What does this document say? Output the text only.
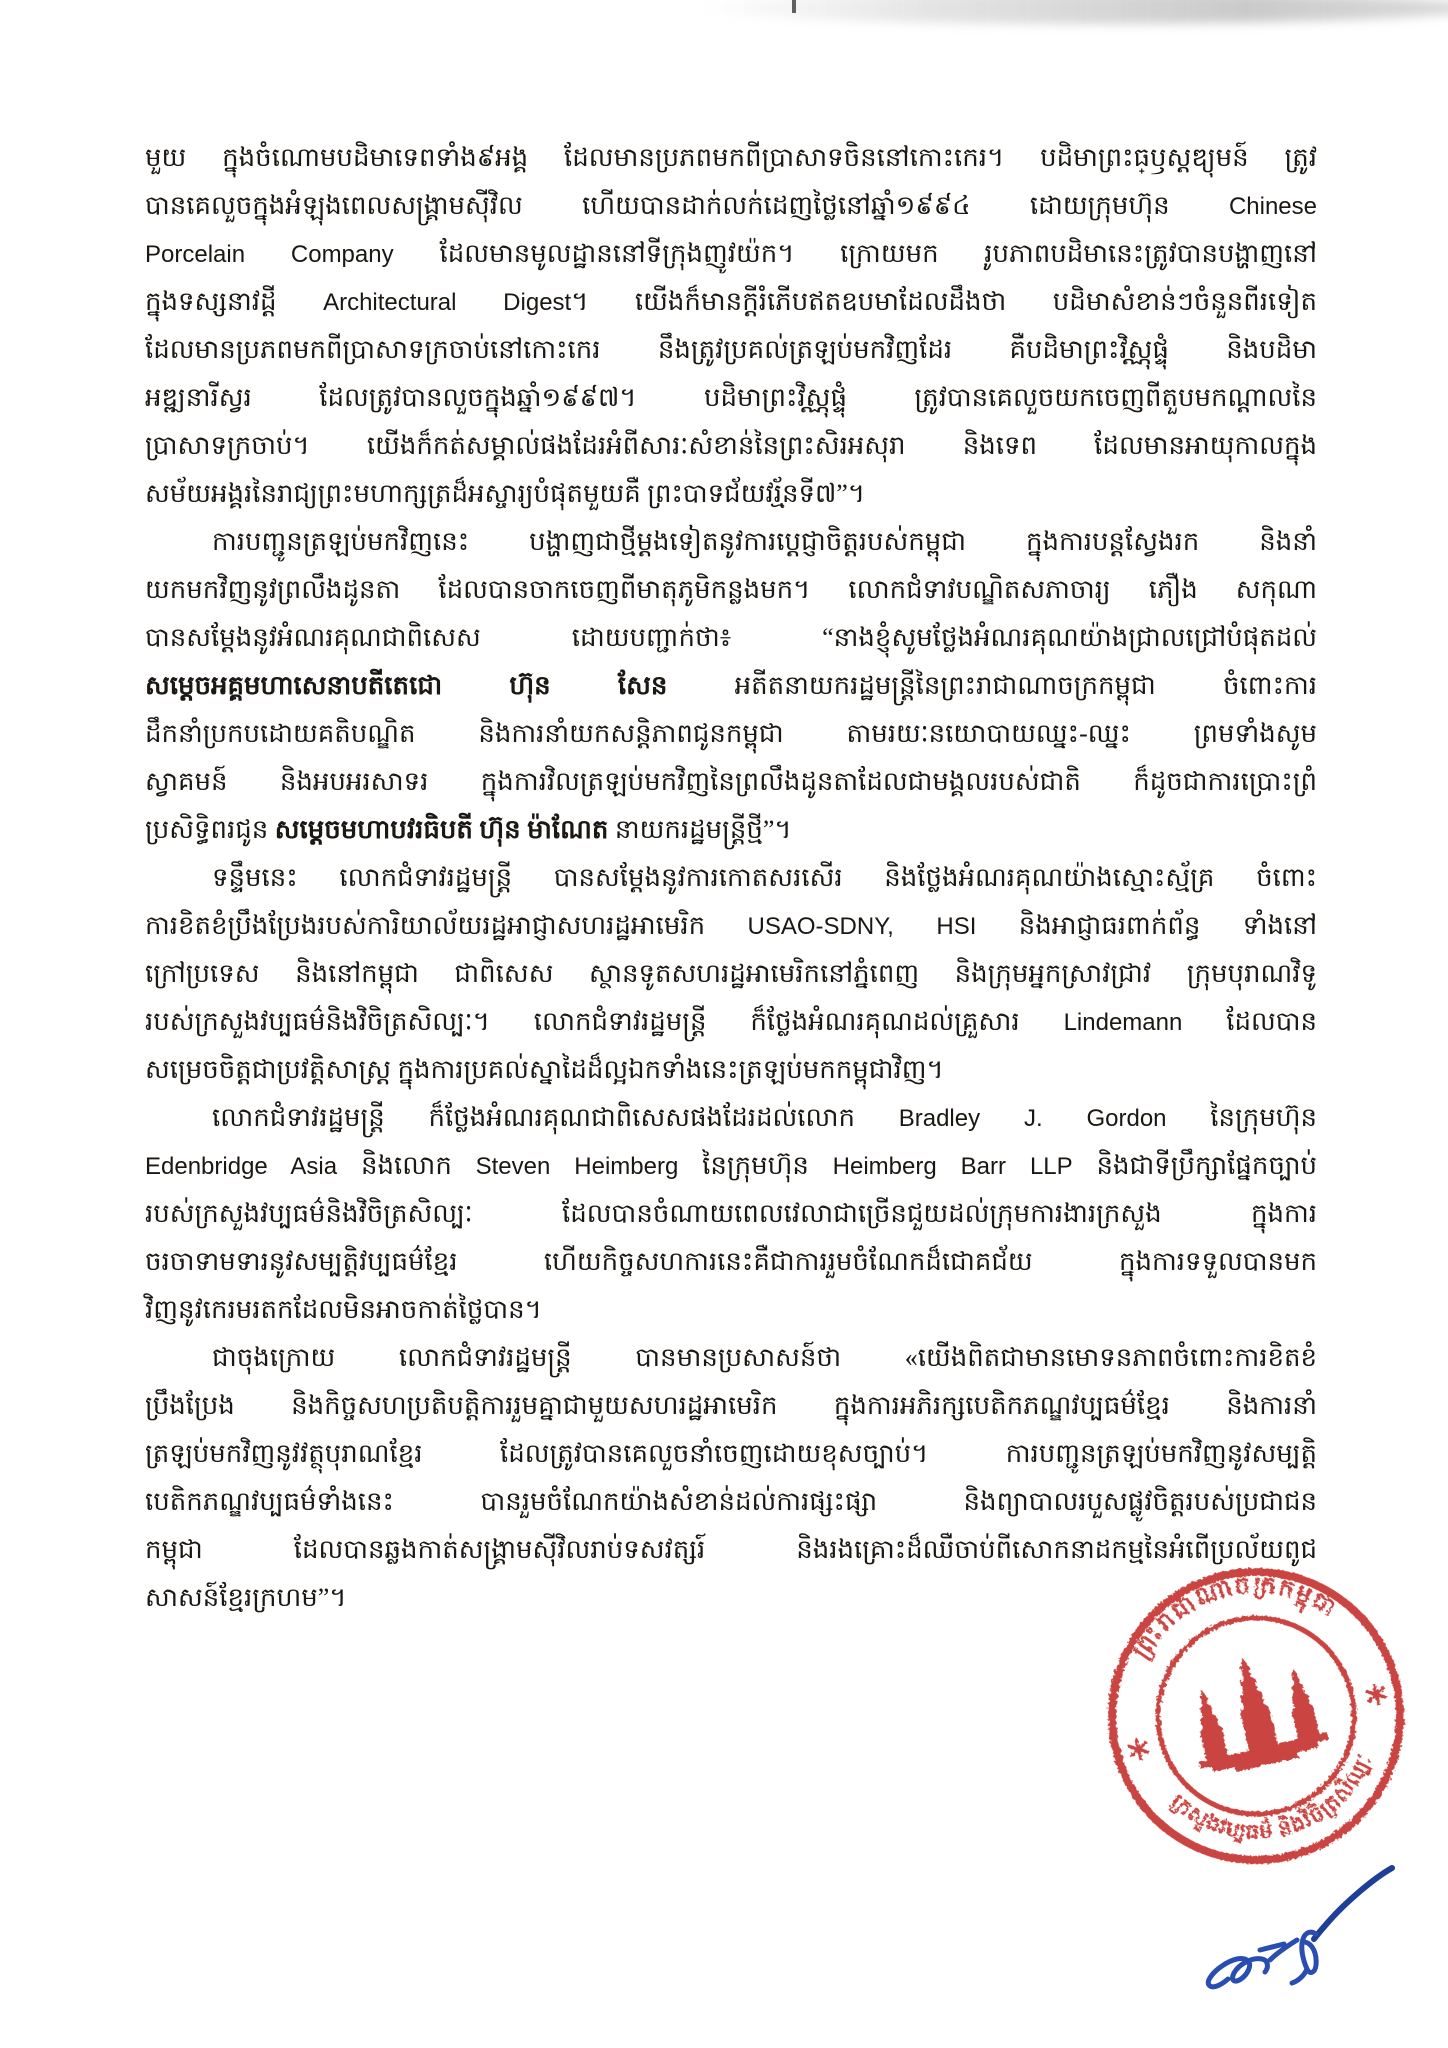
មួយ ក្នុងចំណោមបដិមាទេពទាំង៩អង្គ ដែលមានប្រភពមកពីប្រាសាទចិននៅកោះកេរ។ បដិមាព្រះធ្ឫស្តឌ្យុមន៍ ត្រូវ
បានគេលួចក្នុងអំឡុងពេលសង្គ្រាមស៊ីវិល ហើយបានដាក់លក់ដេញថ្លៃនៅឆ្នាំ១៩៩៤ ដោយក្រុមហ៊ុន Chinese
Porcelain Company ដែលមានមូលដ្ឋាននៅទីក្រុងញូវយ៉ក។ ក្រោយមក រូបភាពបដិមានេះត្រូវបានបង្ហាញនៅ
ក្នុងទស្សនាវដ្ដី Architectural Digest។ យើងក៏មានក្ដីរំភើបឥតឧបមាដែលដឹងថា បដិមាសំខាន់ៗចំនួនពីរទៀត
ដែលមានប្រភពមកពីប្រាសាទក្រចាប់នៅកោះកេរ នឹងត្រូវប្រគល់ត្រឡប់មកវិញដែរ គឺបដិមាព្រះវិស្ណុផ្ទុំ និងបដិមា
អឌ្ឍនារីស្វរ ដែលត្រូវបានលួចក្នុងឆ្នាំ១៩៩៧។ បដិមាព្រះវិស្ណុផ្ទុំ ត្រូវបានគេលួចយកចេញពីតួបមកណ្ដាលនៃ
ប្រាសាទក្រចាប់។ យើងក៏កត់សម្គាល់ផងដែរអំពីសារៈសំខាន់នៃព្រះសិរអសុរា និងទេព ដែលមានអាយុកាលក្នុង
សម័យអង្គរនៃរាជ្យព្រះមហាក្សត្រដ៏អស្ចារ្យបំផុតមួយគឺ ព្រះបាទជ័យវរ្ម័នទី៧”។
ការបញ្ជូនត្រឡប់មកវិញនេះ បង្ហាញជាថ្មីម្ដងទៀតនូវការប្ដេជ្ញាចិត្តរបស់កម្ពុជា ក្នុងការបន្តស្វែងរក និងនាំ
យកមកវិញនូវព្រលឹងដូនតា ដែលបានចាកចេញពីមាតុភូមិកន្លងមក។ លោកជំទាវបណ្ឌិតសភាចារ្យ ភឿង សកុណា
បានសម្ដែងនូវអំណរគុណជាពិសេស ដោយបញ្ជាក់ថា៖ “នាងខ្ញុំសូមថ្លែងអំណរគុណយ៉ាងជ្រាលជ្រៅបំផុតដល់
សម្ដេចអគ្គមហាសេនាបតីតេជោ ហ៊ុន សែន អតីតនាយករដ្ឋមន្ត្រីនៃព្រះរាជាណាចក្រកម្ពុជា ចំពោះការ
ដឹកនាំប្រកបដោយគតិបណ្ឌិត និងការនាំយកសន្តិភាពជូនកម្ពុជា តាមរយៈនយោបាយឈ្នះ-ឈ្នះ ព្រមទាំងសូម
ស្វាគមន៍ និងអបអរសាទរ ក្នុងការវិលត្រឡប់មកវិញនៃព្រលឹងដូនតាដែលជាមង្គលរបស់ជាតិ ក៏ដូចជាការប្រោះព្រំ
ប្រសិទ្ធិពរជូន សម្ដេចមហាបវរធិបតី ហ៊ុន ម៉ាណែត នាយករដ្ឋមន្ត្រីថ្មី”។
ទន្ទឹមនេះ លោកជំទាវរដ្ឋមន្ត្រី បានសម្ដែងនូវការកោតសរសើរ និងថ្លែងអំណរគុណយ៉ាងស្មោះស្ម័គ្រ ចំពោះ
ការខិតខំប្រឹងប្រែងរបស់ការិយាល័យរដ្ឋអាជ្ញាសហរដ្ឋអាមេរិក USAO-SDNY, HSI និងអាជ្ញាធរពាក់ព័ន្ធ ទាំងនៅ
ក្រៅប្រទេស និងនៅកម្ពុជា ជាពិសេស ស្ថានទូតសហរដ្ឋអាមេរិកនៅភ្នំពេញ និងក្រុមអ្នកស្រាវជ្រាវ ក្រុមបុរាណវិទូ
របស់ក្រសួងវប្បធម៌និងវិចិត្រសិល្បៈ។ លោកជំទាវរដ្ឋមន្ត្រី ក៏ថ្លែងអំណរគុណដល់គ្រួសារ Lindemann ដែលបាន
សម្រេចចិត្តជាប្រវត្តិសាស្ត្រ ក្នុងការប្រគល់ស្នាដៃដ៏ល្អឯកទាំងនេះត្រឡប់មកកម្ពុជាវិញ។
លោកជំទាវរដ្ឋមន្ត្រី ក៏ថ្លែងអំណរគុណជាពិសេសផងដែរដល់លោក Bradley J. Gordon នៃក្រុមហ៊ុន
Edenbridge Asia និងលោក Steven Heimberg នៃក្រុមហ៊ុន Heimberg Barr LLP និងជាទីប្រឹក្សាផ្នែកច្បាប់
របស់ក្រសួងវប្បធម៌និងវិចិត្រសិល្បៈ ដែលបានចំណាយពេលវេលាជាច្រើនជួយដល់ក្រុមការងារក្រសួង ក្នុងការ
ចរចាទាមទារនូវសម្បត្តិវប្បធម៌ខ្មែរ ហើយកិច្ចសហការនេះគឺជាការរួមចំណែកដ៏ជោគជ័យ ក្នុងការទទួលបានមក
វិញនូវកេរមរតកដែលមិនអាចកាត់ថ្លៃបាន។
ជាចុងក្រោយ លោកជំទាវរដ្ឋមន្ត្រី បានមានប្រសាសន៍ថា «យើងពិតជាមានមោទនភាពចំពោះការខិតខំ
ប្រឹងប្រែង និងកិច្ចសហប្រតិបត្តិការរួមគ្នាជាមួយសហរដ្ឋអាមេរិក ក្នុងការអភិរក្សបេតិកភណ្ឌវប្បធម៌ខ្មែរ និងការនាំ
ត្រឡប់មកវិញនូវវត្ថុបុរាណខ្មែរ ដែលត្រូវបានគេលួចនាំចេញដោយខុសច្បាប់។ ការបញ្ជូនត្រឡប់មកវិញនូវសម្បត្តិ
បេតិកភណ្ឌវប្បធម៌ទាំងនេះ បានរួមចំណែកយ៉ាងសំខាន់ដល់ការផ្សះផ្សា និងព្យាបាលរបួសផ្លូវចិត្តរបស់ប្រជាជន
កម្ពុជា ដែលបានឆ្លងកាត់សង្គ្រាមស៊ីវិលរាប់ទសវត្សរ៍ និងរងគ្រោះដ៏ឈឺចាប់ពីសោកនាដកម្មនៃអំពើប្រល័យពូជ
សាសន៍ខ្មែរក្រហម”។
ព្រះរាជាណាចក្រកម្ពុជា
ក្រសួងវប្បធម៌ និងវិចិត្រសិល្បៈ
